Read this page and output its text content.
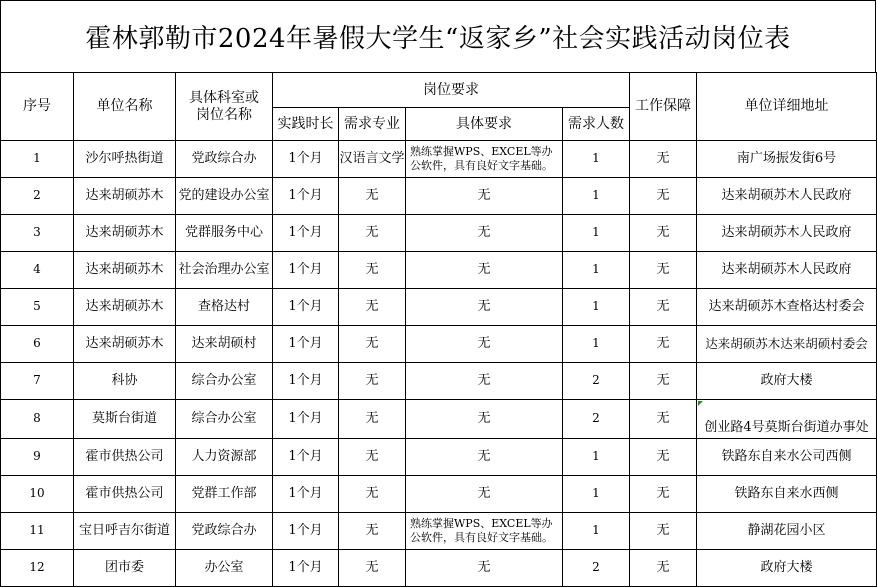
霍林郭勒市2024年暑假大学生“返家乡”社会实践活动岗位表
序号	单位名称	具体科室或岗位名称	岗位要求				工作保障	单位详细地址
			实践时长	需求专业	具体要求	需求人数		
1	沙尔呼热街道	党政综合办	1个月	汉语言文学	熟练掌握WPS、EXCEL等办公软件，具有良好文字基础。	1	无	南广场振发街6号
2	达来胡硕苏木	党的建设办公室	1个月	无	无	1	无	达来胡硕苏木人民政府
3	达来胡硕苏木	党群服务中心	1个月	无	无	1	无	达来胡硕苏木人民政府
4	达来胡硕苏木	社会治理办公室	1个月	无	无	1	无	达来胡硕苏木人民政府
5	达来胡硕苏木	查格达村	1个月	无	无	1	无	达来胡硕苏木查格达村委会
6	达来胡硕苏木	达来胡硕村	1个月	无	无	1	无	达来胡硕苏木达来胡硕村委会
7	科协	综合办公室	1个月	无	无	2	无	政府大楼
8	莫斯台街道	综合办公室	1个月	无	无	2	无	创业路4号莫斯台街道办事处
9	霍市供热公司	人力资源部	1个月	无	无	1	无	铁路东自来水公司西侧
10	霍市供热公司	党群工作部	1个月	无	无	1	无	铁路东自来水西侧
11	宝日呼吉尔街道	党政综合办	1个月	无	熟练掌握WPS、EXCEL等办公软件，具有良好文字基础。	1	无	静湖花园小区
12	团市委	办公室	1个月	无	无	2	无	政府大楼
